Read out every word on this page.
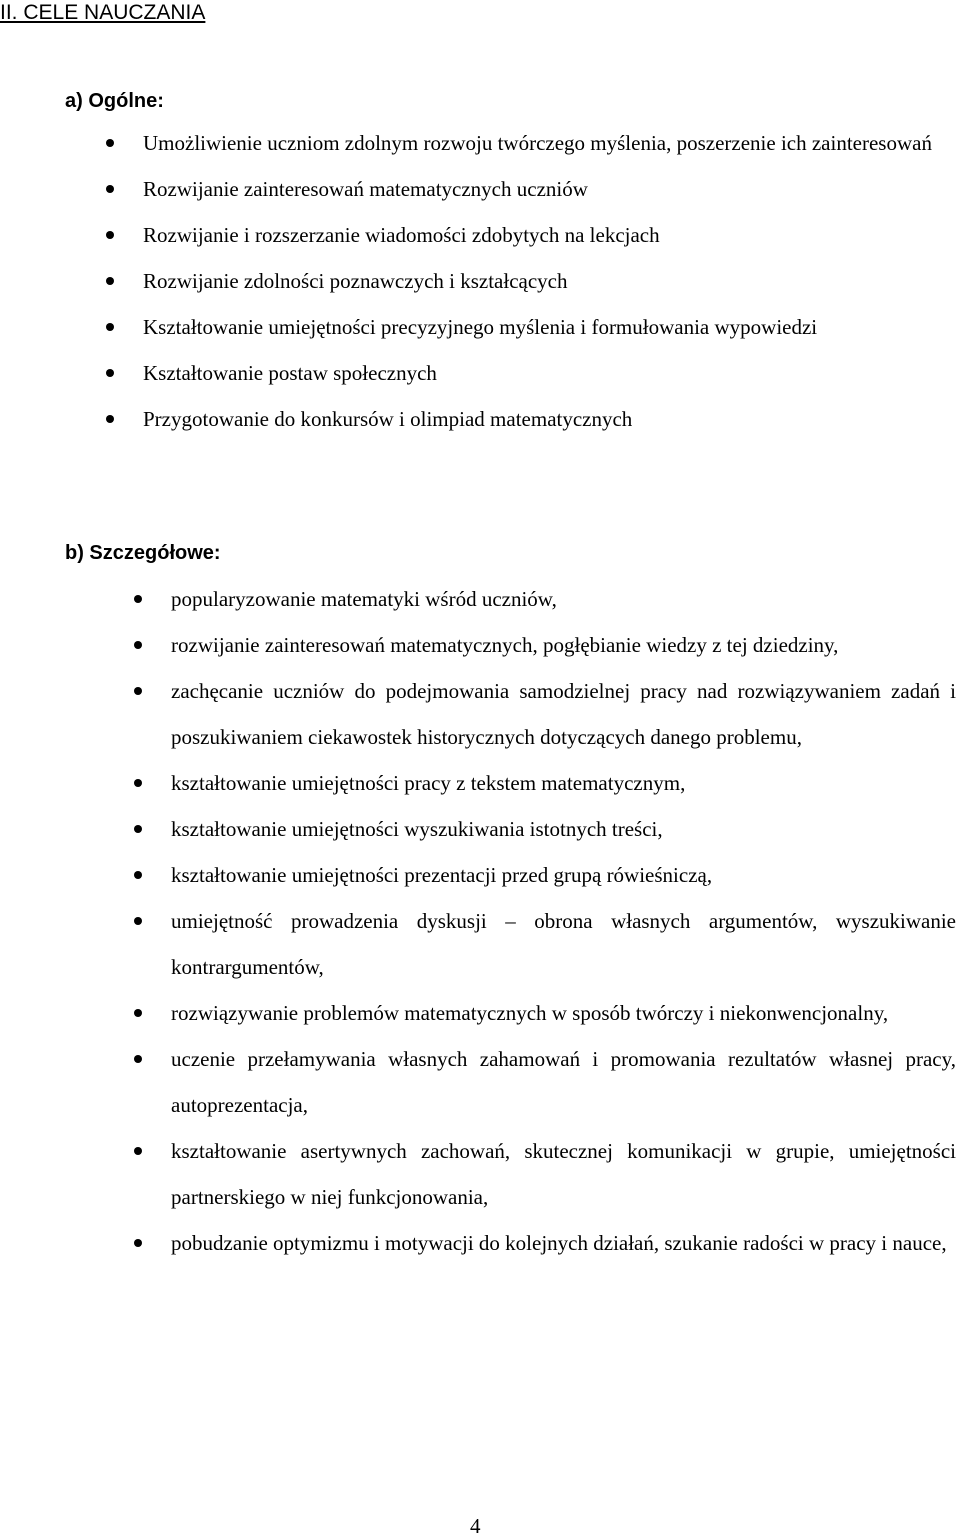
II. CELE NAUCZANIA
a) Ogólne:
Umożliwienie uczniom zdolnym rozwoju twórczego myślenia, poszerzenie ich zainteresowań
Rozwijanie zainteresowań matematycznych uczniów
Rozwijanie i rozszerzanie wiadomości zdobytych na lekcjach
Rozwijanie zdolności poznawczych i kształcących
Kształtowanie umiejętności precyzyjnego myślenia i formułowania wypowiedzi
Kształtowanie postaw społecznych
Przygotowanie do konkursów i olimpiad matematycznych
b) Szczegółowe:
popularyzowanie matematyki wśród uczniów,
rozwijanie zainteresowań matematycznych, pogłębianie wiedzy z tej dziedziny,
zachęcanie uczniów do podejmowania samodzielnej pracy nad rozwiązywaniem zadań i poszukiwaniem ciekawostek historycznych dotyczących danego problemu,
kształtowanie umiejętności pracy z tekstem matematycznym,
kształtowanie umiejętności wyszukiwania istotnych treści,
kształtowanie umiejętności prezentacji przed grupą rówieśniczą,
umiejętność prowadzenia dyskusji – obrona własnych argumentów, wyszukiwanie kontrargumentów,
rozwiązywanie problemów matematycznych w sposób twórczy i niekonwencjonalny,
uczenie przełamywania własnych zahamowań i promowania rezultatów własnej pracy, autoprezentacja,
kształtowanie asertywnych zachowań, skutecznej komunikacji w grupie, umiejętności partnerskiego w niej funkcjonowania,
pobudzanie optymizmu i motywacji do kolejnych działań, szukanie radości w pracy i nauce,
4
